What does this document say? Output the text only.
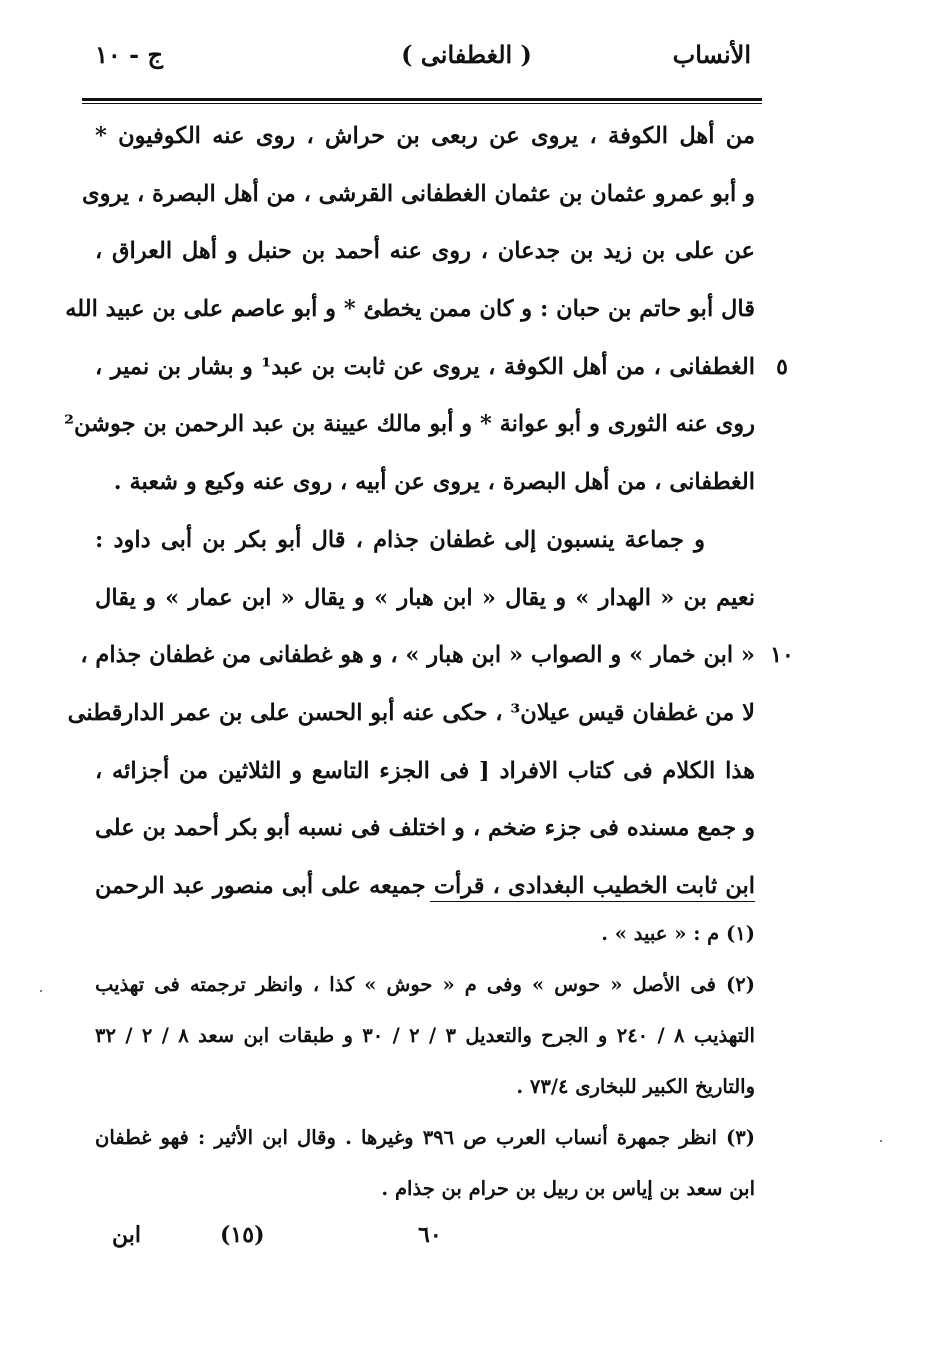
الأنساب
( الغطفانى )
ج - ١٠
من أهل الكوفة ، يروى عن ربعى بن حراش ، روى عنه الكوفيون *
و أبو عمرو عثمان بن عثمان الغطفانى القرشى ، من أهل البصرة ، يروى
عن على بن زيد بن جدعان ، روى عنه أحمد بن حنبل و أهل العراق ،
قال أبو حاتم بن حبان : و كان ممن يخطئ * و أبو عاصم على بن عبيد الله
٥
الغطفانى ، من أهل الكوفة ، يروى عن ثابت بن عبد¹ و بشار بن نمير ،
روى عنه الثورى و أبو عوانة * و أبو مالك عيينة بن عبد الرحمن بن جوشن²
الغطفانى ، من أهل البصرة ، يروى عن أبيه ، روى عنه وكيع و شعبة .
و جماعة ينسبون إلى غطفان جذام ، قال أبو بكر بن أبى داود :
نعيم بن « الهدار » و يقال « ابن هبار » و يقال « ابن عمار » و يقال
١٠
« ابن خمار » و الصواب « ابن هبار » ، و هو غطفانى من غطفان جذام ،
لا من غطفان قيس عيلان³ ، حكى عنه أبو الحسن على بن عمر الدارقطنى
هذا الكلام فى كتاب الافراد [ فى الجزء التاسع و الثلاثين من أجزائه ،
و جمع مسنده فى جزء ضخم ، و اختلف فى نسبه أبو بكر أحمد بن على
ابن ثابت الخطيب البغدادى ، قرأت جميعه على أبى منصور عبد الرحمن
(١) م : « عبيد » .
(٢) فى الأصل « حوس » وفى م « حوش » كذا ، وانظر ترجمته فى تهذيب
التهذيب ٨ / ٢٤٠ و الجرح والتعديل ٣ / ٢ / ٣٠ و طبقات ابن سعد ٨ / ٢ / ٣٢
والتاريخ الكبير للبخارى ٧٣/٤ .
(٣) انظر جمهرة أنساب العرب ص ٣٩٦ وغيرها . وقال ابن الأثير : فهو غطفان
ابن سعد بن إياس بن ربيل بن حرام بن جذام .
٦٠
(١٥)
ابن
